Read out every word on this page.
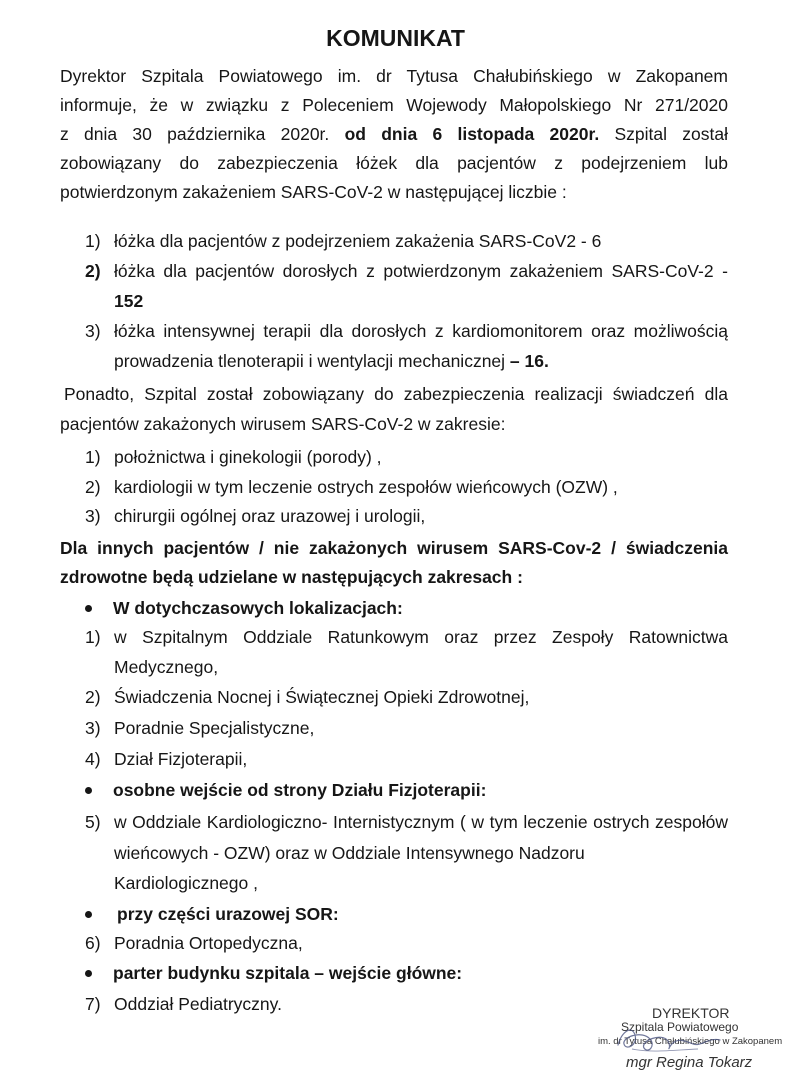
KOMUNIKAT
Dyrektor Szpitala Powiatowego im. dr Tytusa Chałubińskiego w Zakopanem
informuje, że w związku z Poleceniem Wojewody Małopolskiego Nr 271/2020
z dnia 30 października 2020r. od dnia 6 listopada 2020r. Szpital został
zobowiązany do zabezpieczenia łóżek dla pacjentów z podejrzeniem lub
potwierdzonym zakażeniem SARS-CoV-2 w następującej liczbie :
1) łóżka dla pacjentów z podejrzeniem zakażenia SARS-CoV2 - 6
2) łóżka dla pacjentów dorosłych z potwierdzonym zakażeniem SARS-CoV-2 -
152
3) łóżka intensywnej terapii dla dorosłych z kardiomonitorem oraz możliwością
prowadzenia tlenoterapii i wentylacji mechanicznej – 16.
Ponadto, Szpital został zobowiązany do zabezpieczenia realizacji świadczeń dla
pacjentów zakażonych wirusem SARS-CoV-2 w zakresie:
1) położnictwa i ginekologii (porody) ,
2) kardiologii w tym leczenie ostrych zespołów wieńcowych (OZW) ,
3) chirurgii ogólnej oraz urazowej i urologii,
Dla innych pacjentów / nie zakażonych wirusem SARS-Cov-2 / świadczenia
zdrowotne będą udzielane w następujących zakresach :
W dotychczasowych lokalizacjach:
1) w Szpitalnym Oddziale Ratunkowym oraz przez Zespoły Ratownictwa
Medycznego,
2) Świadczenia Nocnej i Świątecznej Opieki Zdrowotnej,
3) Poradnie Specjalistyczne,
4) Dział Fizjoterapii,
osobne wejście od strony Działu Fizjoterapii:
5) w Oddziale Kardiologiczno- Internistycznym ( w tym leczenie ostrych zespołów
wieńcowych - OZW) oraz w Oddziale Intensywnego Nadzoru
Kardiologicznego ,
przy części urazowej SOR:
6) Poradnia Ortopedyczna,
parter budynku szpitala – wejście główne:
7) Oddział Pediatryczny.	DYREKTOR
Szpitala Powiatowego
im. dr Tytusa Chałubińskiego w Zakopanem
mgr Regina Tokarz
